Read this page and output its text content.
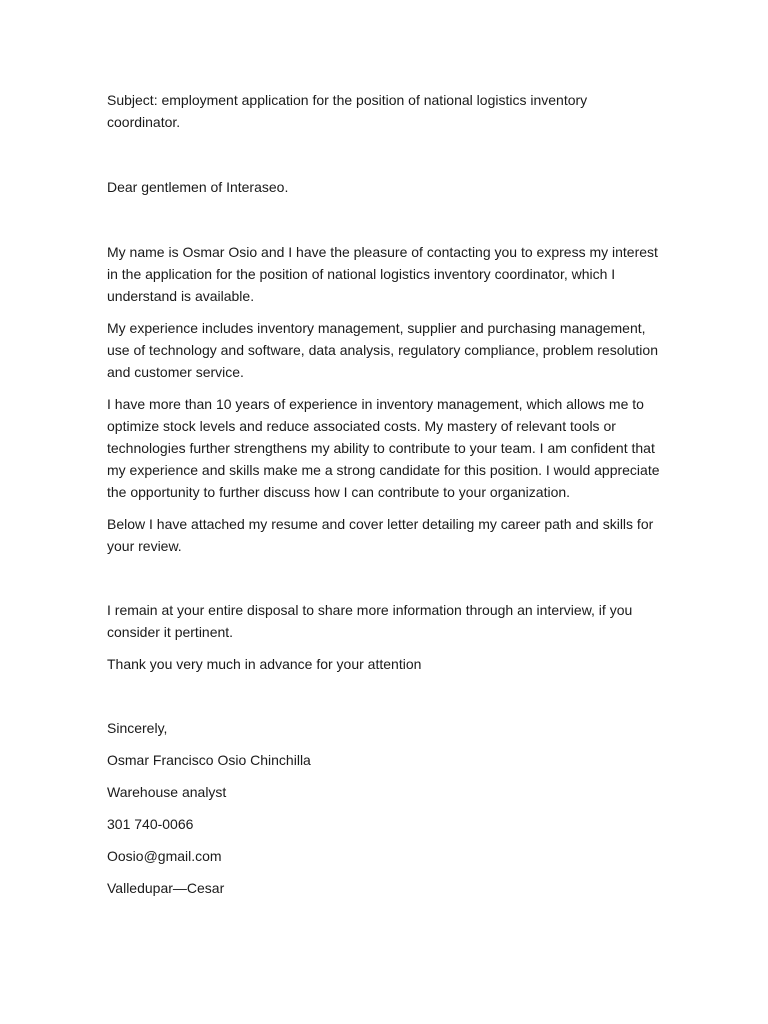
Subject: employment application for the position of national logistics inventory coordinator.

Dear gentlemen of Interaseo.

My name is Osmar Osio and I have the pleasure of contacting you to express my interest in the application for the position of national logistics inventory coordinator, which I understand is available.

My experience includes inventory management, supplier and purchasing management, use of technology and software, data analysis, regulatory compliance, problem resolution and customer service.

I have more than 10 years of experience in inventory management, which allows me to optimize stock levels and reduce associated costs. My mastery of relevant tools or technologies further strengthens my ability to contribute to your team. I am confident that my experience and skills make me a strong candidate for this position. I would appreciate the opportunity to further discuss how I can contribute to your organization.

Below I have attached my resume and cover letter detailing my career path and skills for your review.

I remain at your entire disposal to share more information through an interview, if you consider it pertinent.

Thank you very much in advance for your attention

Sincerely,

Osmar Francisco Osio Chinchilla

Warehouse analyst

301 740-0066

Oosio@gmail.com

Valledupar—Cesar
